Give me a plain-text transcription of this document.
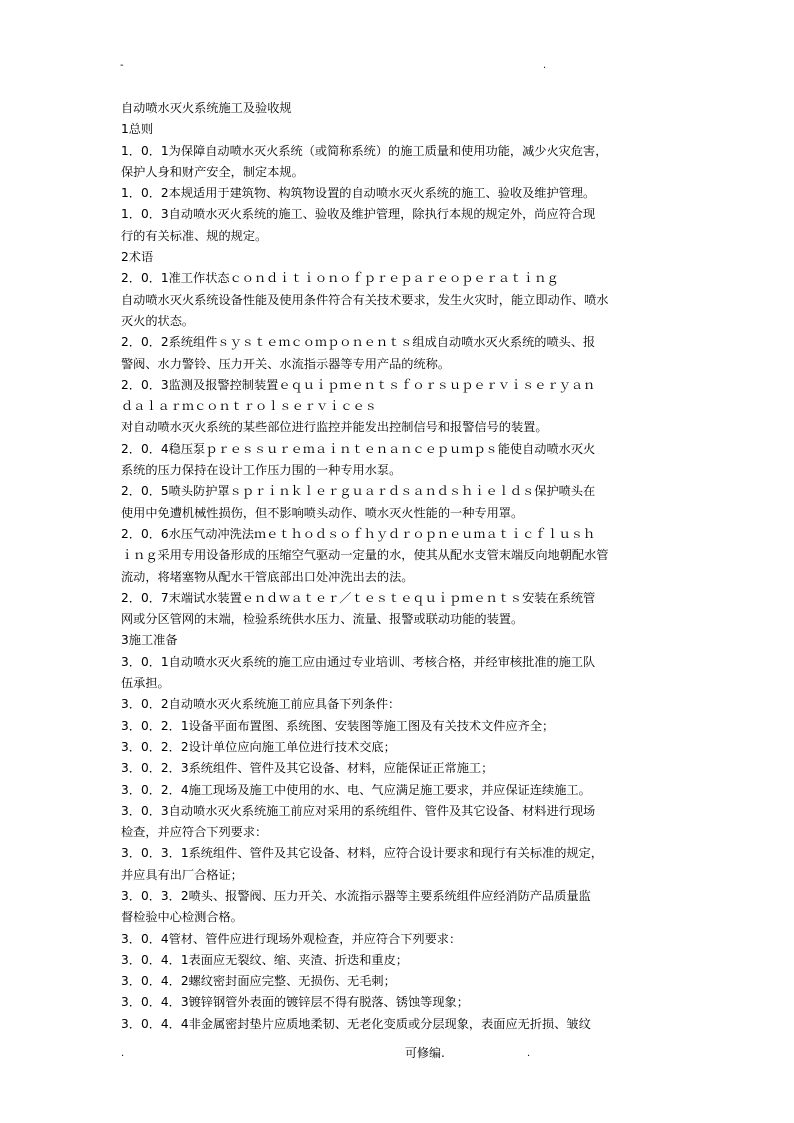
-	.

自动喷水灭火系统施工及验收规

1总则

1．0．1为保障自动喷水灭火系统（或简称系统）的施工质量和使用功能，减少火灾危害，

保护人身和财产安全，制定本规。

1．0．2本规适用于建筑物、构筑物设置的自动喷水灭火系统的施工、验收及维护管理。

1．0．3自动喷水灭火系统的施工、验收及维护管理，除执行本规的规定外，尚应符合现

行的有关标准、规的规定。

2术语

2．0．1准工作状态ｃｏｎｄｉｔｉｏｎｏｆｐｒｅｐａｒｅｏｐｅｒａｔｉｎｇ

自动喷水灭火系统设备性能及使用条件符合有关技术要求，发生火灾时，能立即动作、喷水

灭火的状态。

2．0．2系统组件ｓｙｓｔｅｍｃｏｍｐｏｎｅｎｔｓ组成自动喷水灭火系统的喷头、报

警阀、水力警铃、压力开关、水流指示器等专用产品的统称。

2．0．3监测及报警控制装置ｅｑｕｉｐｍｅｎｔｓｆｏｒｓｕｐｅｒｖｉｓｅｒｙａｎ

ｄａｌａｒｍｃｏｎｔｒｏｌｓｅｒｖｉｃｅｓ

对自动喷水灭火系统的某些部位进行监控并能发出控制信号和报警信号的装置。

2．0．4稳压泵ｐｒｅｓｓｕｒｅｍａｉｎｔｅｎａｎｃｅｐｕｍｐｓ能使自动喷水灭火

系统的压力保持在设计工作压力围的一种专用水泵。

2．0．5喷头防护罩ｓｐｒｉｎｋｌｅｒｇｕａｒｄｓａｎｄｓｈｉｅｌｄｓ保护喷头在

使用中免遭机械性损伤，但不影响喷头动作、喷水灭火性能的一种专用罩。

2．0．6水压气动冲洗法ｍｅｔｈｏｄｓｏｆｈｙｄｒｏｐｎｅｕｍａｔｉｃｆｌｕｓｈ

ｉｎｇ采用专用设备形成的压缩空气驱动一定量的水，使其从配水支管末端反向地朝配水管

流动，将堵塞物从配水干管底部出口处冲洗出去的法。

2．0．7末端试水装置ｅｎｄｗａｔｅｒ／ｔｅｓｔｅｑｕｉｐｍｅｎｔｓ安装在系统管

网或分区管网的末端，检验系统供水压力、流量、报警或联动功能的装置。

3施工准备

3．0．1自动喷水灭火系统的施工应由通过专业培训、考核合格，并经审核批准的施工队

伍承担。

3．0．2自动喷水灭火系统施工前应具备下列条件：

3．0．2．1设备平面布置图、系统图、安装图等施工图及有关技术文件应齐全；

3．0．2．2设计单位应向施工单位进行技术交底；

3．0．2．3系统组件、管件及其它设备、材料，应能保证正常施工；

3．0．2．4施工现场及施工中使用的水、电、气应满足施工要求，并应保证连续施工。

3．0．3自动喷水灭火系统施工前应对采用的系统组件、管件及其它设备、材料进行现场

检查，并应符合下列要求：

3．0．3．1系统组件、管件及其它设备、材料，应符合设计要求和现行有关标准的规定，

并应具有出厂合格证；

3．0．3．2喷头、报警阀、压力开关、水流指示器等主要系统组件应经消防产品质量监

督检验中心检测合格。

3．0．4管材、管件应进行现场外观检查，并应符合下列要求：

3．0．4．1表面应无裂纹、缩、夹渣、折迭和重皮；

3．0．4．2螺纹密封面应完整、无损伤、无毛刺；

3．0．4．3镀锌钢管外表面的镀锌层不得有脱落、锈蚀等现象；

3．0．4．4非金属密封垫片应质地柔韧、无老化变质或分层现象，表面应无折损、皱纹

.	可修编.	.
